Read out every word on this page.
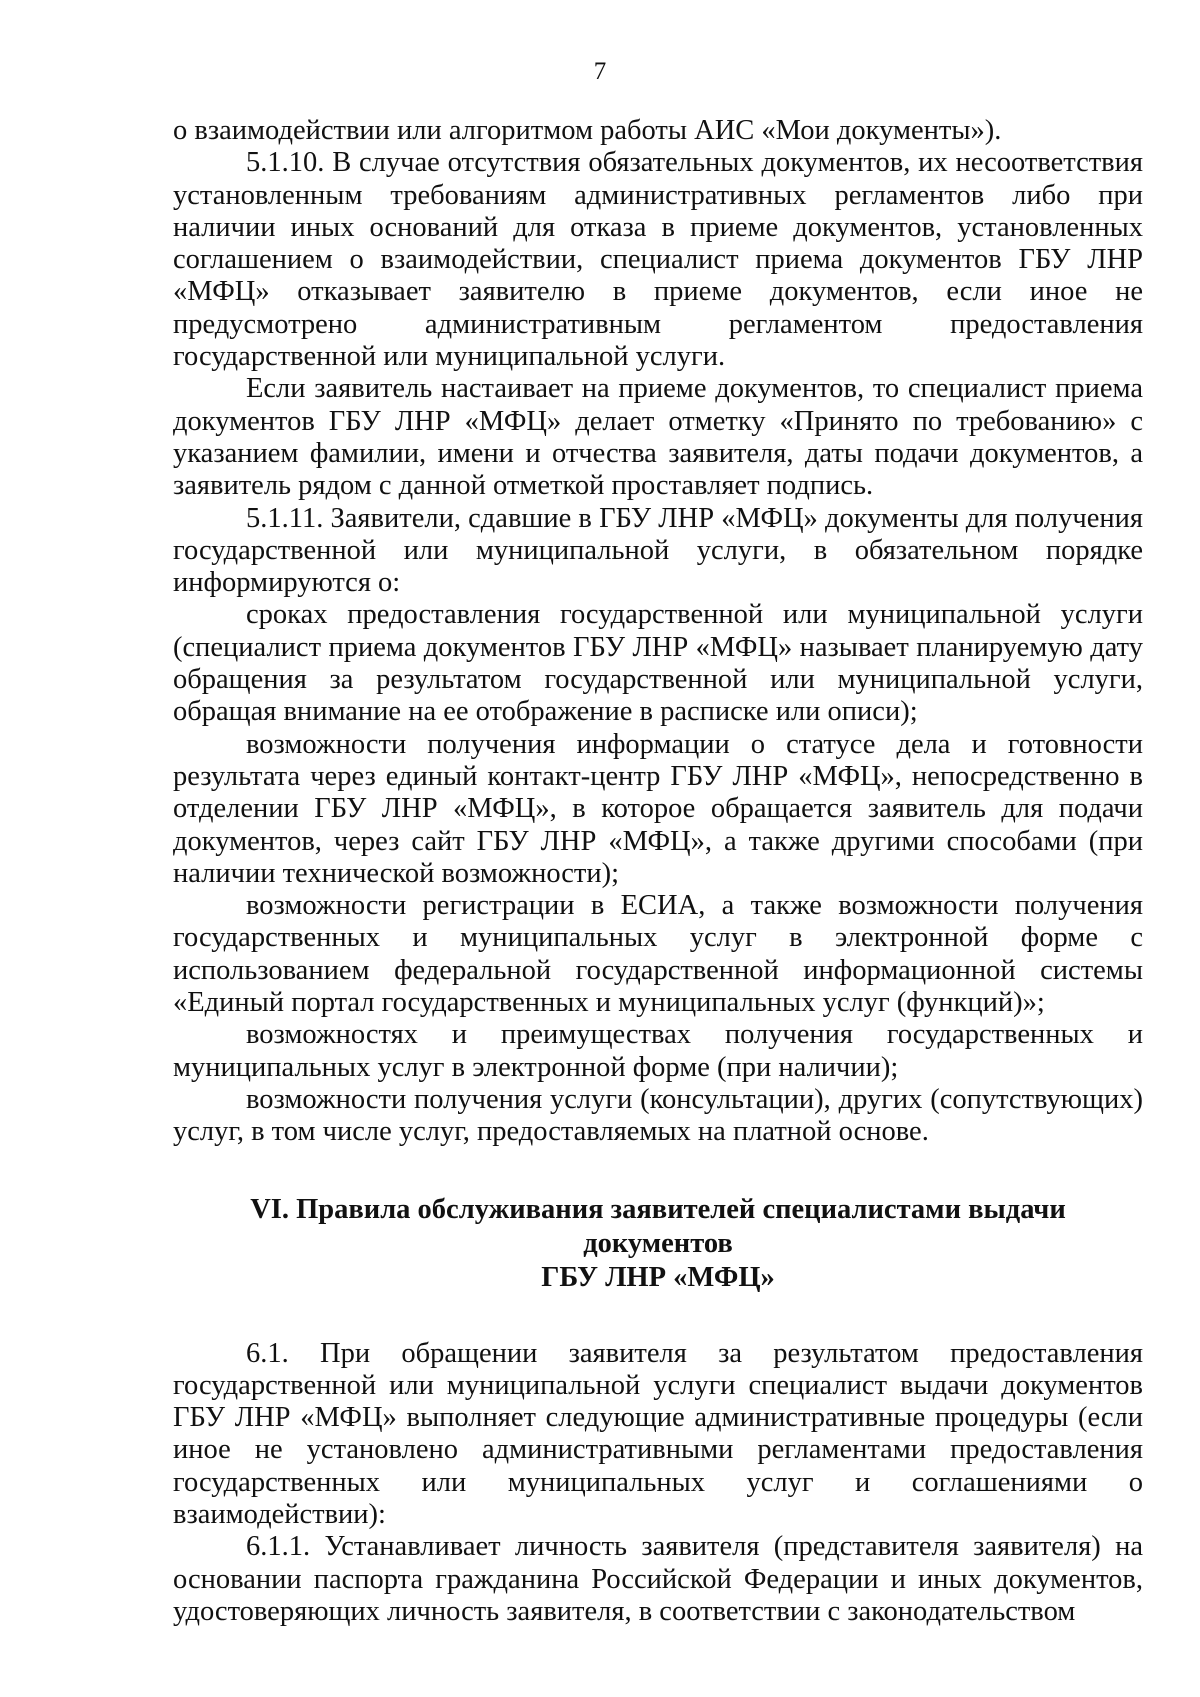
7

о взаимодействии или алгоритмом работы АИС «Мои документы»).

5.1.10. В случае отсутствия обязательных документов, их несоответствия установленным требованиям административных регламентов либо при наличии иных оснований для отказа в приеме документов, установленных соглашением о взаимодействии, специалист приема документов ГБУ ЛНР «МФЦ» отказывает заявителю в приеме документов, если иное не предусмотрено административным регламентом предоставления государственной или муниципальной услуги.

Если заявитель настаивает на приеме документов, то специалист приема документов ГБУ ЛНР «МФЦ» делает отметку «Принято по требованию» с указанием фамилии, имени и отчества заявителя, даты подачи документов, а заявитель рядом с данной отметкой проставляет подпись.

5.1.11. Заявители, сдавшие в ГБУ ЛНР «МФЦ» документы для получения государственной или муниципальной услуги, в обязательном порядке информируются о:

сроках предоставления государственной или муниципальной услуги (специалист приема документов ГБУ ЛНР «МФЦ» называет планируемую дату обращения за результатом государственной или муниципальной услуги, обращая внимание на ее отображение в расписке или описи);

возможности получения информации о статусе дела и готовности результата через единый контакт-центр ГБУ ЛНР «МФЦ», непосредственно в отделении ГБУ ЛНР «МФЦ», в которое обращается заявитель для подачи документов, через сайт ГБУ ЛНР «МФЦ», а также другими способами (при наличии технической возможности);

возможности регистрации в ЕСИА, а также возможности получения государственных и муниципальных услуг в электронной форме с использованием федеральной государственной информационной системы «Единый портал государственных и муниципальных услуг (функций)»;

возможностях и преимуществах получения государственных и муниципальных услуг в электронной форме (при наличии);

возможности получения услуги (консультации), других (сопутствующих) услуг, в том числе услуг, предоставляемых на платной основе.

VI. Правила обслуживания заявителей специалистами выдачи документов
ГБУ ЛНР «МФЦ»

6.1. При обращении заявителя за результатом предоставления государственной или муниципальной услуги специалист выдачи документов ГБУ ЛНР «МФЦ» выполняет следующие административные процедуры (если иное не установлено административными регламентами предоставления государственных или муниципальных услуг и соглашениями о взаимодействии):

6.1.1. Устанавливает личность заявителя (представителя заявителя) на основании паспорта гражданина Российской Федерации и иных документов, удостоверяющих личность заявителя, в соответствии с законодательством
